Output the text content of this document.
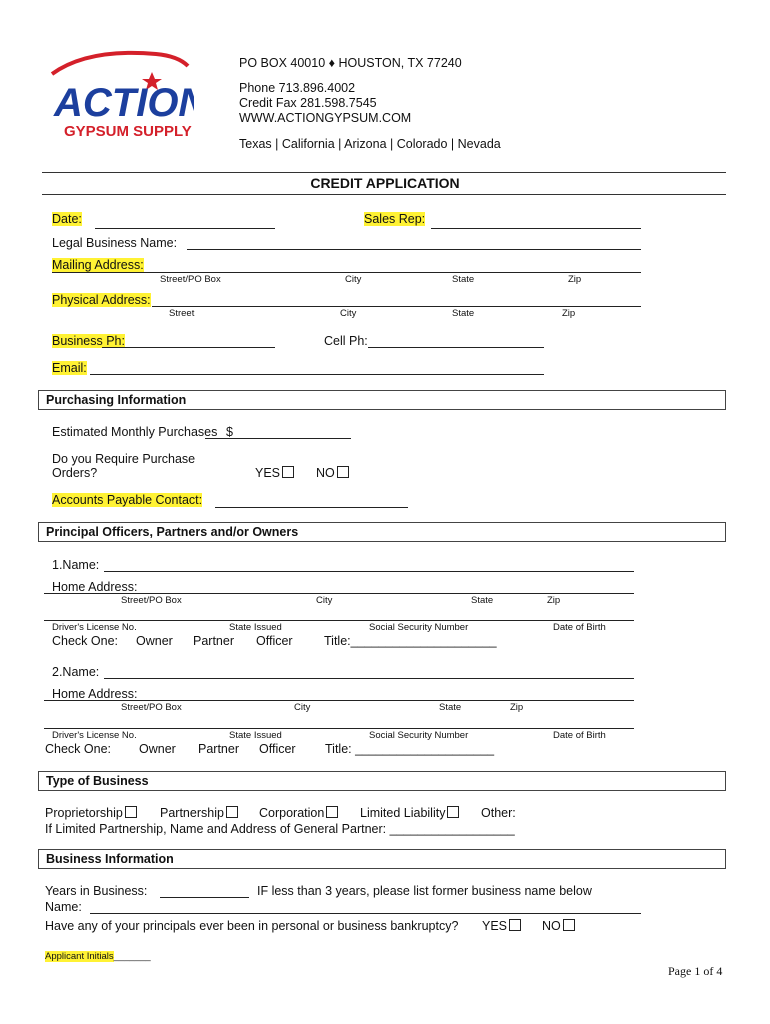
ACTION
GYPSUM SUPPLY
PO BOX 40010 ♦ HOUSTON, TX 77240
Phone 713.896.4002
Credit Fax 281.598.7545
WWW.ACTIONGYPSUM.COM
Texas | California | Arizona | Colorado | Nevada
CREDIT APPLICATION
Date:	Sales Rep:
Legal Business Name:
Mailing Address:
Street/PO Box	City	State	Zip
Physical Address:
Street	City	State	Zip
Business Ph:	Cell Ph:
Email:
Purchasing Information
Estimated Monthly Purchases $
Do you Require Purchase
Orders?	YES	NO
Accounts Payable Contact:
Principal Officers, Partners and/or Owners
1.Name:
Home Address:
Street/PO Box	City	State	Zip
Driver's License No.	State Issued	Social Security Number	Date of Birth
Check One: Owner Partner Officer	Title:_____________________
2.Name:
Home Address:
Street/PO Box	City	State	Zip
Driver's License No.	State Issued	Social Security Number	Date of Birth
Check One: Owner Partner Officer Title: ____________________
Type of Business
Proprietorship	Partnership	Corporation	Limited Liability	Other:
If Limited Partnership, Name and Address of General Partner: __________________
Business Information
Years in Business:	IF less than 3 years, please list former business name below
Name:
Have any of your principals ever been in personal or business bankruptcy? YES	NO
Applicant Initials_______
Page 1 of 4
